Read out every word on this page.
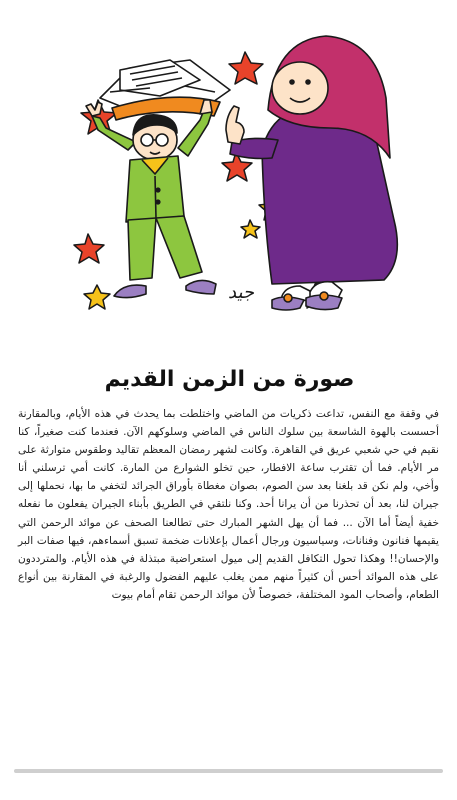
جيد
صورة من الزمن القديم

في وقفة مع النفس، تداعت ذكريات من الماضي واختلطت بما يحدث في هذه الأيام، وبالمقارنة أحسست بالهوة الشاسعة بين سلوك الناس في الماضي وسلوكهم الآن. فعندما كنت صغيراً، كنا نقيم في حي شعبي عريق في القاهرة. وكانت لشهر رمضان المعظم تقاليد وطقوس متوارثة على مر الأيام. فما أن تقترب ساعة الافطار، حين تخلو الشوارع من المارة. كانت أمي ترسلني أنا وأخي، ولم نكن قد بلغنا بعد سن الصوم، بصوان مغطاة بأوراق الجرائد لتخفي ما بها، نحملها إلى جيران لنا، بعد أن تحذرنا من أن يرانا أحد. وكنا نلتقي في الطريق بأبناء الجيران يفعلون ما نفعله خفية أيضاً أما الآن ... فما أن يهل الشهر المبارك حتى تطالعنا الصحف عن موائد الرحمن التي يقيمها فنانون وفنانات، وسياسيون ورجال أعمال بإعلانات ضخمة تسبق أسماءهم، فيها صفات البر والإحسان!! وهكذا تحول التكافل القديم إلى ميول استعراضية مبتذلة في هذه الأيام. والمترددون على هذه الموائد أحس أن كثيراً منهم ممن يغلب عليهم الفضول والرغبة في المقارنة بين أنواع الطعام، وأصحاب المود المختلفة، خصوصاً لأن موائد الرحمن تقام أمام بيوت
